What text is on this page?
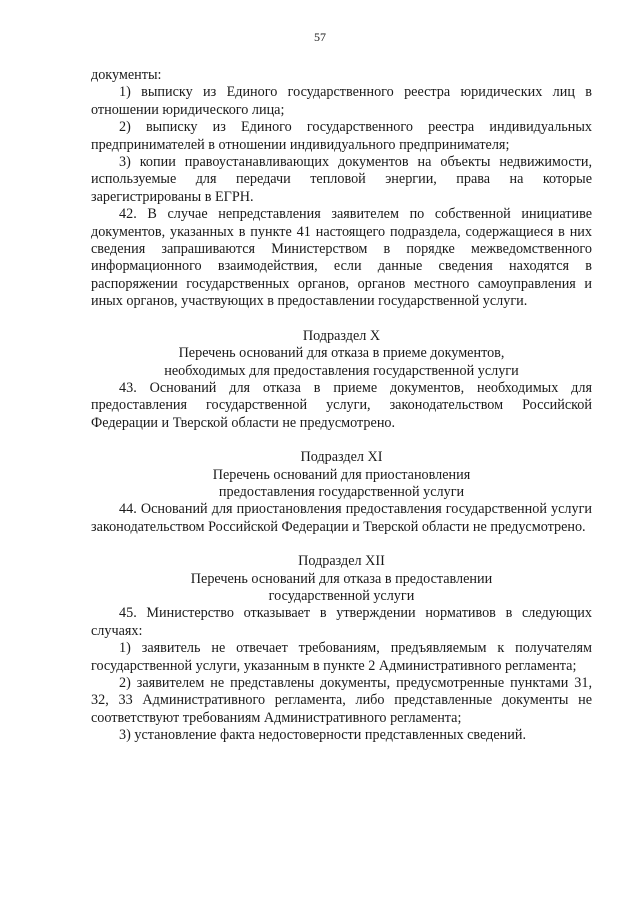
57

документы:

1) выписку из Единого государственного реестра юридических лиц в отношении юридического лица;

2) выписку из Единого государственного реестра индивидуальных предпринимателей в отношении индивидуального предпринимателя;

3) копии правоустанавливающих документов на объекты недвижимости, используемые для передачи тепловой энергии, права на которые зарегистрированы в ЕГРН.

42. В случае непредставления заявителем по собственной инициативе документов, указанных в пункте 41 настоящего подраздела, содержащиеся в них сведения запрашиваются Министерством в порядке межведомственного информационного взаимодействия, если данные сведения находятся в распоряжении государственных органов, органов местного самоуправления и иных органов, участвующих в предоставлении государственной услуги.

Подраздел X
Перечень оснований для отказа в приеме документов,
необходимых для предоставления государственной услуги

43. Оснований для отказа в приеме документов, необходимых для предоставления государственной услуги, законодательством Российской Федерации и Тверской области не предусмотрено.

Подраздел XI
Перечень оснований для приостановления
предоставления государственной услуги

44. Оснований для приостановления предоставления государственной услуги законодательством Российской Федерации и Тверской области не предусмотрено.

Подраздел XII
Перечень оснований для отказа в предоставлении
государственной услуги

45. Министерство отказывает в утверждении нормативов в следующих случаях:

1) заявитель не отвечает требованиям, предъявляемым к получателям государственной услуги, указанным в пункте 2 Административного регламента;

2) заявителем не представлены документы, предусмотренные пунктами 31, 32, 33 Административного регламента, либо представленные документы не соответствуют требованиям Административного регламента;

3) установление факта недостоверности представленных сведений.
